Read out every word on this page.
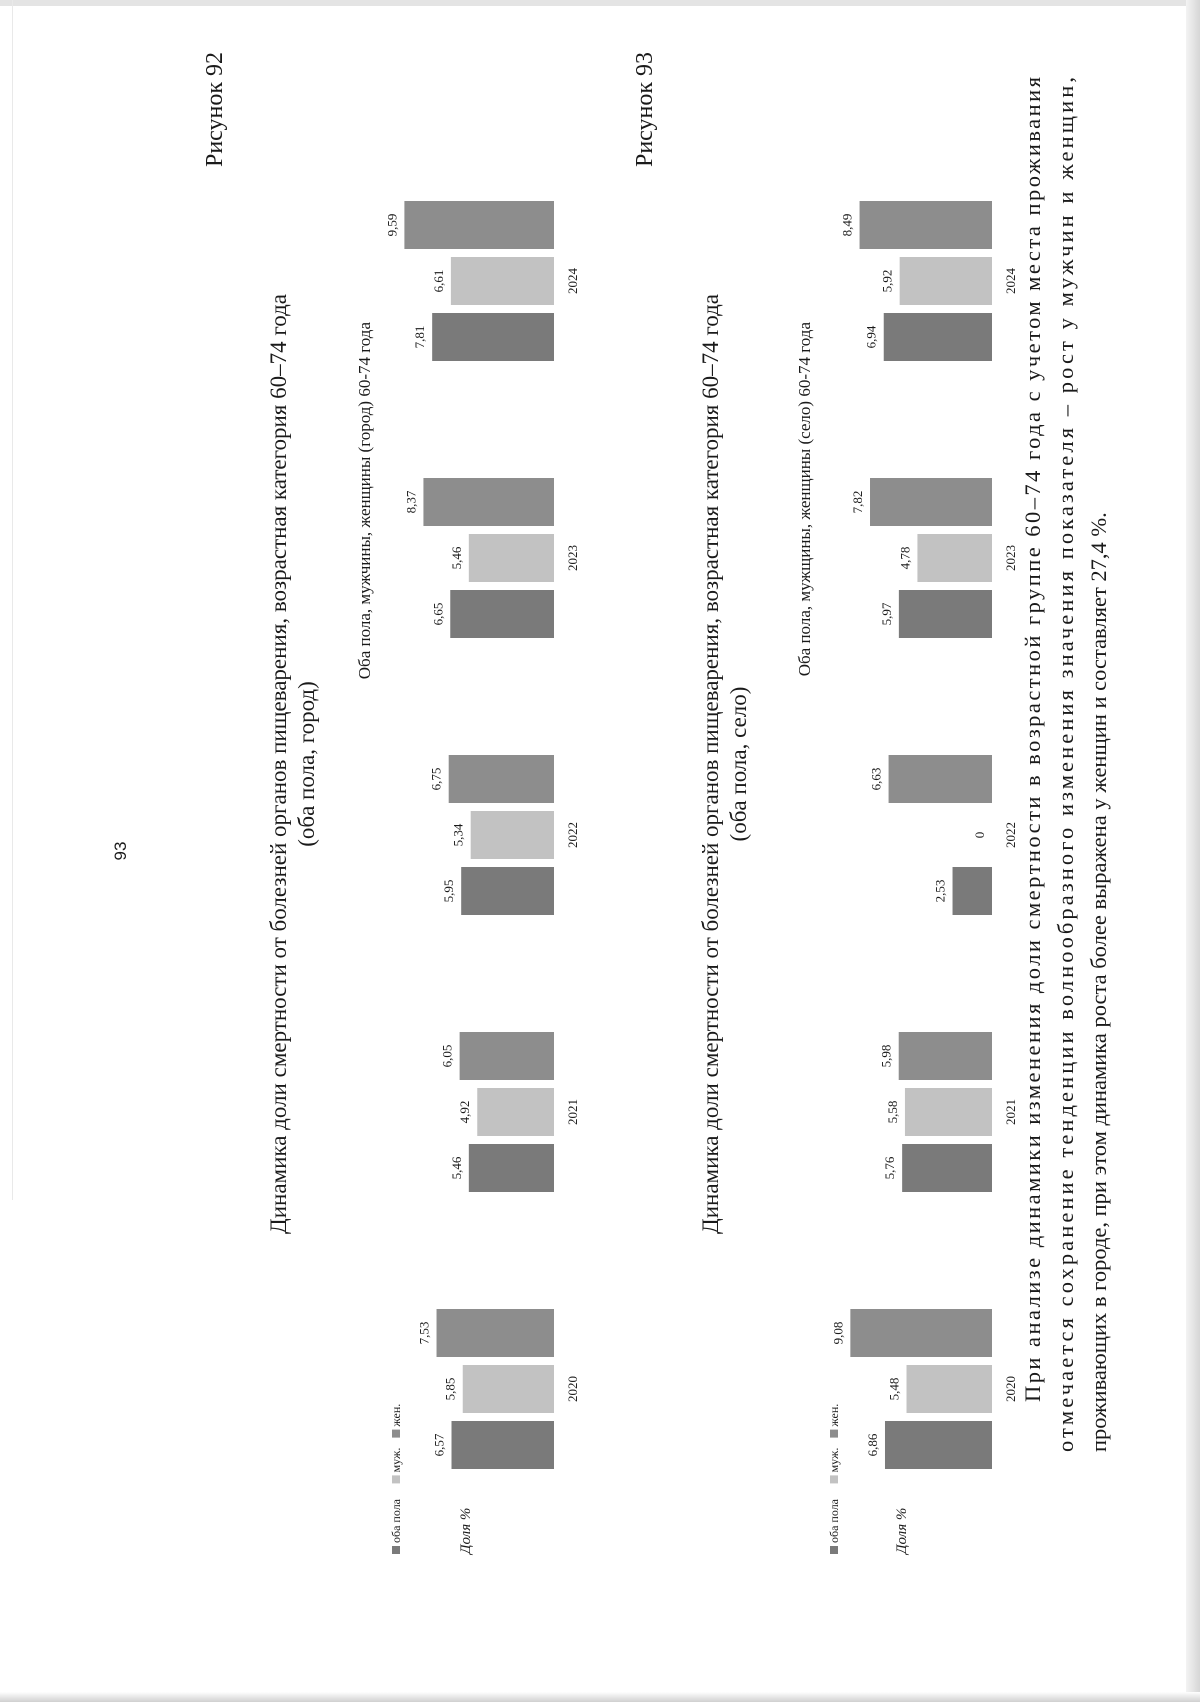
93
Рисунок 92
Динамика доли смертности от болезней органов пищеварения, возрастная категория 60–74 года (оба пола, город)
Оба пола, мужчины, женщины (город) 60-74 года
Доля %
оба пола
муж.
жен.
6,57
5,85
7,53
2020
5,46
4,92
6,05
2021
5,95
5,34
6,75
2022
6,65
5,46
8,37
2023
7,81
6,61
9,59
2024
Рисунок 93
Динамика доли смертности от болезней органов пищеварения, возрастная категория 60–74 года (оба пола, село)
Оба пола, мужщины, женщины (село) 60-74 года
Доля %
оба пола
муж.
жен.
6,86
5,48
9,08
2020
5,76
5,58
5,98
2021
2,53
0
6,63
2022
5,97
4,78
7,82
2023
6,94
5,92
8,49
2024
При анализе динамики изменения доли смертности в возрастной группе 60–74 года с учетом места проживания
отмечается сохранение тенденции волнообразного изменения значения показателя – рост у мужчин и женщин,
проживающих в городе, при этом динамика роста более выражена у женщин и составляет 27,4 %.
